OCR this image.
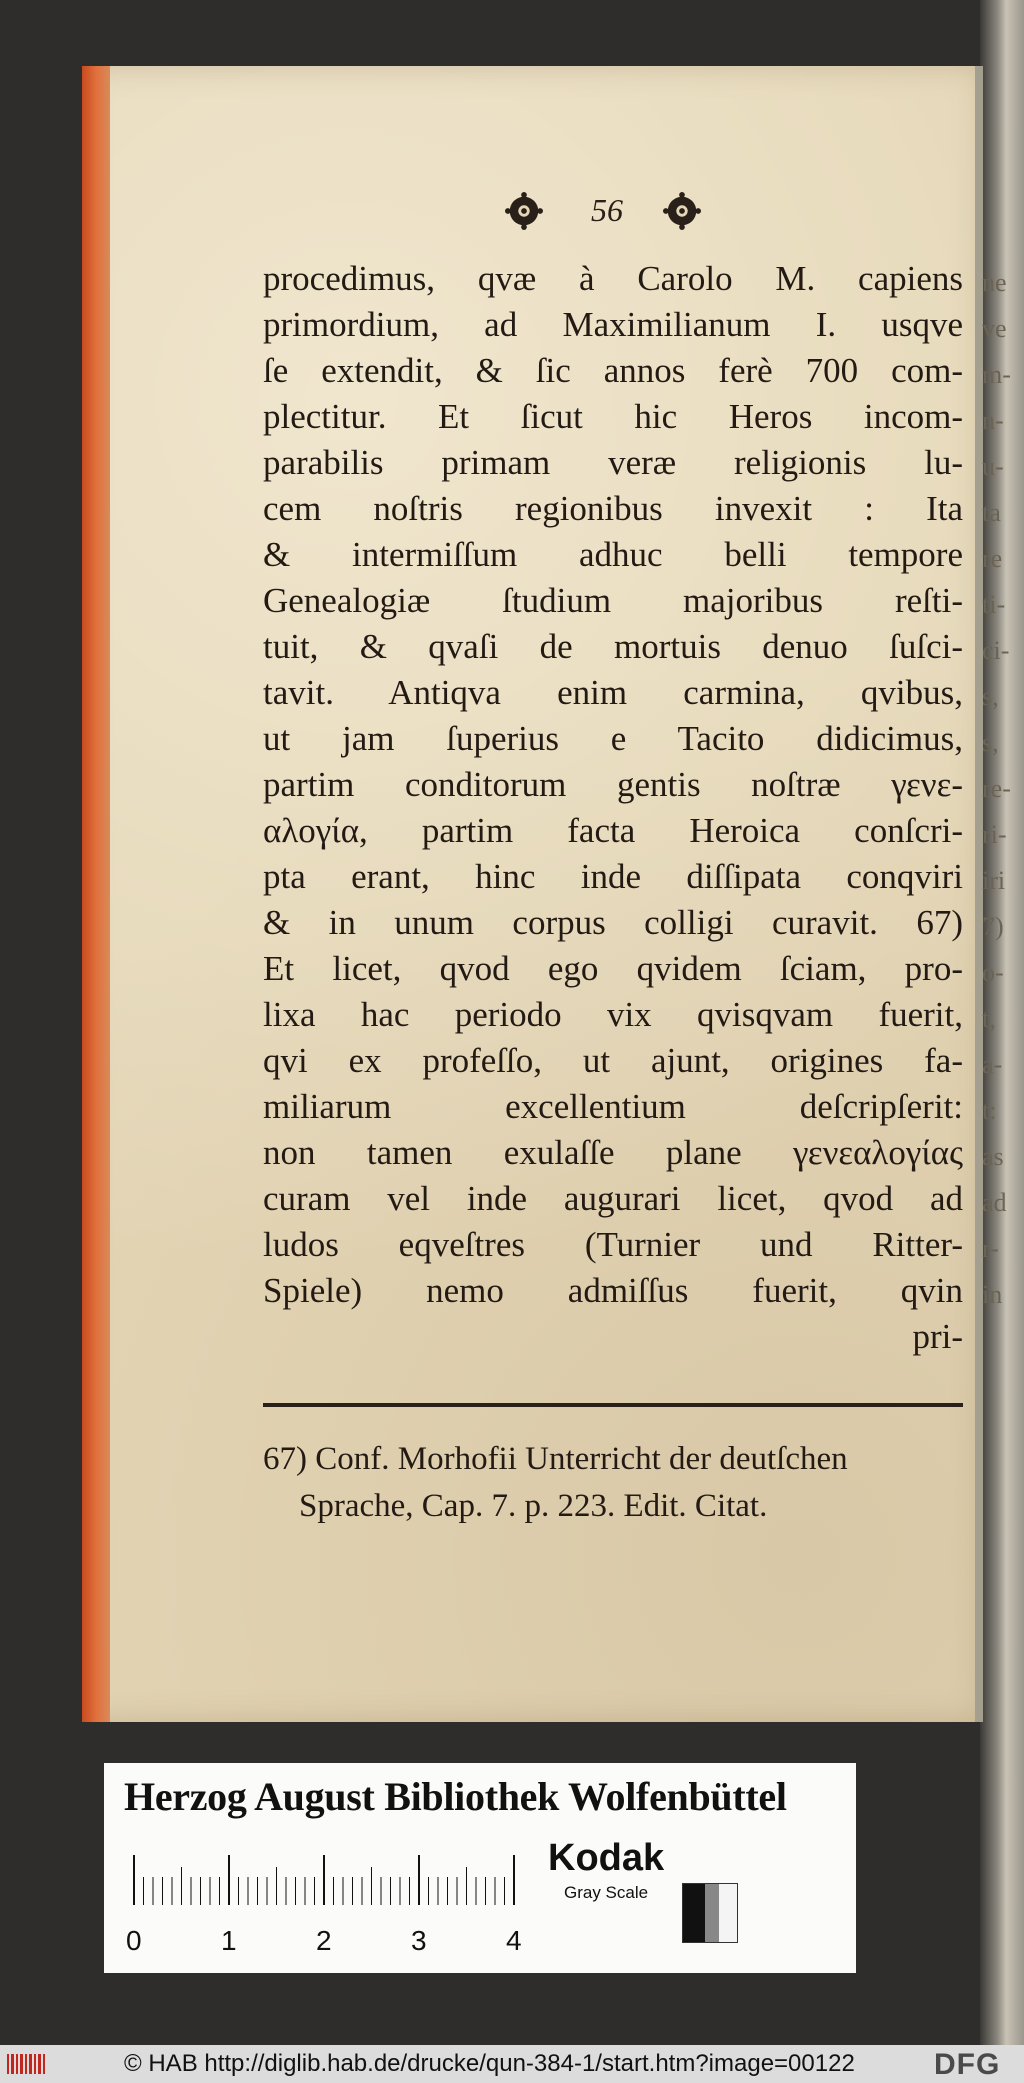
ne
ve
m-
n-
u-
ta
re
ti-
ci-
s,
s,
re-
ri-
iri
7)
o-
t,
a-
t:
as
ad
r-
in
56
procedimus, qvæ à Carolo M. capiens
primordium, ad Maximilianum I. usqve
ſe extendit, & ſic annos ferè 700 com-
plectitur. Et ſicut hic Heros incom-
parabilis primam veræ religionis lu-
cem noſtris regionibus invexit : Ita
& intermiſſum adhuc belli tempore
Genealogiæ ſtudium majoribus reſti-
tuit, & qvaſi de mortuis denuo ſuſci-
tavit. Antiqva enim carmina, qvibus,
ut jam ſuperius e Tacito didicimus,
partim conditorum gentis noſtræ γενε-
αλογία, partim facta Heroica conſcri-
pta erant, hinc inde diſſipata conqviri
& in unum corpus colligi curavit. 67)
Et licet, qvod ego qvidem ſciam, pro-
lixa hac periodo vix qvisqvam fuerit,
qvi ex profeſſo, ut ajunt, origines fa-
miliarum excellentium deſcripſerit:
non tamen exulaſſe plane γενεαλογίας
curam vel inde augurari licet, qvod ad
ludos eqveſtres (Turnier und Ritter-
Spiele) nemo admiſſus fuerit, qvin
pri-
67) Conf. Morhofii Unterricht der deutſchen
Sprache, Cap. 7. p. 223. Edit. Citat.
Herzog August Bibliothek Wolfenbüttel
0	1	2	3	4
Kodak
Gray Scale
© HAB http://diglib.hab.de/drucke/qun-384-1/start.htm?image=00122	DFG
